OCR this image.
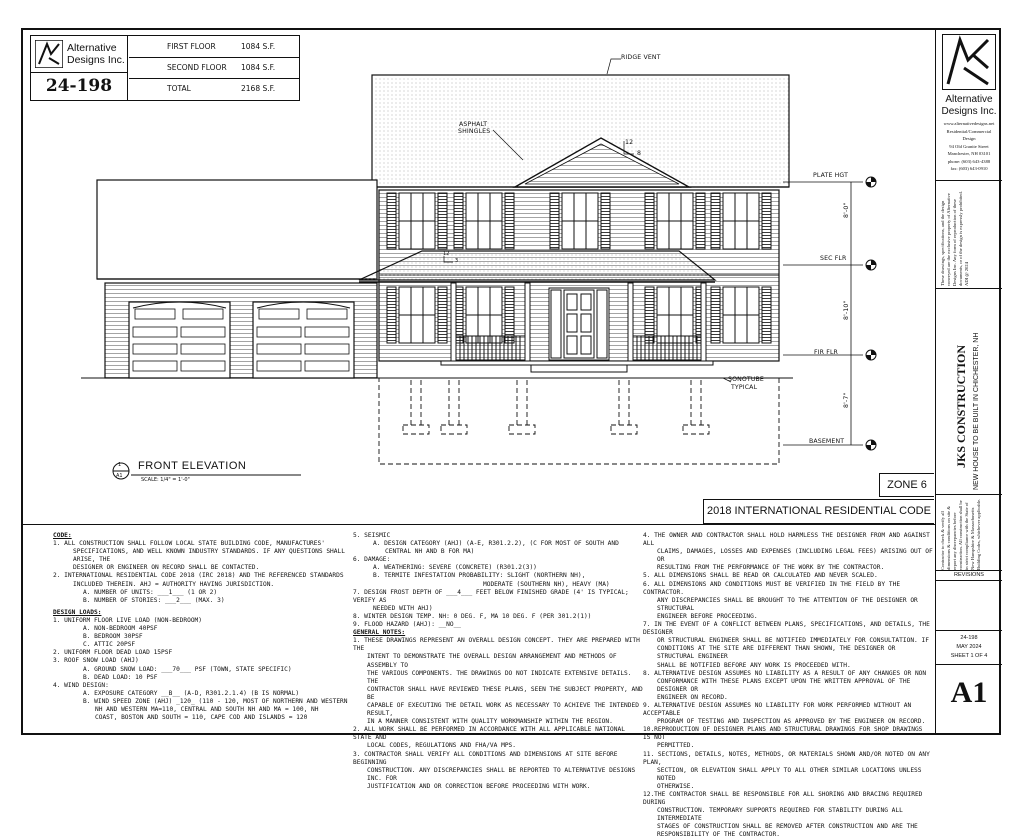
Alternative
Designs Inc.
24-198
FIRST FLOOR	1084 S.F.
SECOND FLOOR 1084 S.F.
TOTAL	2168 S.F.
RIDGE VENT
ASPHALT
SHINGLES
12
8
12
3
PLATE HGT
SEC FLR
FIR FLR
BASEMENT
SONOTUBE
TYPICAL
8'-0"
8'-10"
8'-7"
1
A1
FRONT ELEVATION
SCALE: 1/4" = 1'-0"	ZONE 6
2018 INTERNATIONAL RESIDENTIAL CODE
CODE:
1. ALL CONSTRUCTION SHALL FOLLOW LOCAL STATE BUILDING CODE, MANUFACTURES'
SPECIFICATIONS, AND WELL KNOWN INDUSTRY STANDARDS. IF ANY QUESTIONS SHALL ARISE, THE
DESIGNER OR ENGINEER ON RECORD SHALL BE CONTACTED.
2. INTERNATIONAL RESIDENTIAL CODE 2018 (IRC 2018) AND THE REFERENCED STANDARDS
INCLUDED THEREIN. AHJ = AUTHORITY HAVING JURISDICTION.
A. NUMBER OF UNITS: ___1___ (1 OR 2)
B. NUMBER OF STORIES: ___2___ (MAX. 3)
DESIGN LOADS:
1. UNIFORM FLOOR LIVE LOAD (NON-BEDROOM)
A. NON-BEDROOM 40PSF
B. BEDROOM 30PSF
C. ATTIC 20PSF
2. UNIFORM FLOOR DEAD LOAD 15PSF
3. ROOF SNOW LOAD (AHJ)
A. GROUND SNOW LOAD: ___70___ PSF (TOWN, STATE SPECIFIC)
B. DEAD LOAD: 10 PSF
4. WIND DESIGN:
A. EXPOSURE CATEGORY __B__ (A-D, R301.2.1.4) (B IS NORMAL)
B. WIND SPEED ZONE (AHJ) _120_ (110 - 120, MOST OF NORTHERN AND WESTERN
NH AND WESTERN MA=110, CENTRAL AND SOUTH NH AND MA = 100, NH
COAST, BOSTON AND SOUTH = 110, CAPE COD AND ISLANDS = 120
5. SEISMIC
A. DESIGN CATEGORY (AHJ) (A-E, R301.2.2), (C FOR MOST OF SOUTH AND
CENTRAL NH AND B FOR MA)
6. DAMAGE:
A. WEATHERING: SEVERE (CONCRETE) (R301.2(3))
B. TERMITE INFESTATION PROBABILITY: SLIGHT (NORTHERN NH),
MODERATE (SOUTHERN NH), HEAVY (MA)
7. DESIGN FROST DEPTH OF ___4___ FEET BELOW FINISHED GRADE (4' IS TYPICAL; VERIFY AS
NEEDED WITH AHJ)
8. WINTER DESIGN TEMP. NH: 0 DEG. F, MA 10 DEG. F (PER 301.2(1))
9. FLOOD HAZARD (AHJ): __NO__
GENERAL NOTES:
1. THESE DRAWINGS REPRESENT AN OVERALL DESIGN CONCEPT. THEY ARE PREPARED WITH THE
INTENT TO DEMONSTRATE THE OVERALL DESIGN ARRANGEMENT AND METHODS OF ASSEMBLY TO
THE VARIOUS COMPONENTS. THE DRAWINGS DO NOT INDICATE EXTENSIVE DETAILS. THE
CONTRACTOR SHALL HAVE REVIEWED THESE PLANS, SEEN THE SUBJECT PROPERTY, AND BE
CAPABLE OF EXECUTING THE DETAIL WORK AS NECESSARY TO ACHIEVE THE INTENDED RESULT,
IN A MANNER CONSISTENT WITH QUALITY WORKMANSHIP WITHIN THE REGION.
2. ALL WORK SHALL BE PERFORMED IN ACCORDANCE WITH ALL APPLICABLE NATIONAL STATE AND
LOCAL CODES, REGULATIONS AND FHA/VA MPS.
3. CONTRACTOR SHALL VERIFY ALL CONDITIONS AND DIMENSIONS AT SITE BEFORE BEGINNING
CONSTRUCTION. ANY DISCREPANCIES SHALL BE REPORTED TO ALTERNATIVE DESIGNS INC. FOR
JUSTIFICATION AND OR CORRECTION BEFORE PROCEEDING WITH WORK.
4. THE OWNER AND CONTRACTOR SHALL HOLD HARMLESS THE DESIGNER FROM AND AGAINST ALL
CLAIMS, DAMAGES, LOSSES AND EXPENSES (INCLUDING LEGAL FEES) ARISING OUT OF OR
RESULTING FROM THE PERFORMANCE OF THE WORK BY THE CONTRACTOR.
5. ALL DIMENSIONS SHALL BE READ OR CALCULATED AND NEVER SCALED.
6. ALL DIMENSIONS AND CONDITIONS MUST BE VERIFIED IN THE FIELD BY THE CONTRACTOR.
ANY DISCREPANCIES SHALL BE BROUGHT TO THE ATTENTION OF THE DESIGNER OR STRUCTURAL
ENGINEER BEFORE PROCEEDING.
7. IN THE EVENT OF A CONFLICT BETWEEN PLANS, SPECIFICATIONS, AND DETAILS, THE DESIGNER
OR STRUCTURAL ENGINEER SHALL BE NOTIFIED IMMEDIATELY FOR CONSULTATION. IF
CONDITIONS AT THE SITE ARE DIFFERENT THAN SHOWN, THE DESIGNER OR STRUCTURAL ENGINEER
SHALL BE NOTIFIED BEFORE ANY WORK IS PROCEEDED WITH.
8. ALTERNATIVE DESIGN ASSUMES NO LIABILITY AS A RESULT OF ANY CHANGES OR NON
CONFORMANCE WITH THESE PLANS EXCEPT UPON THE WRITTEN APPROVAL OF THE DESIGNER OR
ENGINEER ON RECORD.
9. ALTERNATIVE DESIGN ASSUMES NO LIABILITY FOR WORK PERFORMED WITHOUT AN ACCEPTABLE
PROGRAM OF TESTING AND INSPECTION AS APPROVED BY THE ENGINEER ON RECORD.
10.REPRODUCTION OF DESIGNER PLANS AND STRUCTURAL DRAWINGS FOR SHOP DRAWINGS IS NOT
PERMITTED.
11. SECTIONS, DETAILS, NOTES, METHODS, OR MATERIALS SHOWN AND/OR NOTED ON ANY PLAN,
SECTION, OR ELEVATION SHALL APPLY TO ALL OTHER SIMILAR LOCATIONS UNLESS NOTED
OTHERWISE.
12.THE CONTRACTOR SHALL BE RESPONSIBLE FOR ALL SHORING AND BRACING REQUIRED DURING
CONSTRUCTION. TEMPORARY SUPPORTS REQUIRED FOR STABILITY DURING ALL INTERMEDIATE
STAGES OF CONSTRUCTION SHALL BE REMOVED AFTER CONSTRUCTION AND ARE THE
RESPONSIBILITY OF THE CONTRACTOR.
Alternative
Designs Inc.
www.alternativedesigns.net
Residential/Commercial
Design
94 Old Granite Street
Manchester, NH 03101
phone: (603) 643-4388
fax: (603) 643-0910
These drawings, specifications, and the design conveyed are the exclusive property of Alternative Designs Inc. Any form of reproduction of these documents, or of the design is expressly prohibited. ADI @ 2024
JKS CONSTRUCTION NEW HOUSE TO BE BUILT IN CHICHESTER, NH
Contractor to check & verify all dimensions & conditions on site & report any discrepancies before construction. All construction shall be in strict compliance with the State of New Hampshire & Massachusetts Building Codes, whichever applicable.
REVISIONS
24-198
MAY 2024
SHEET 1 OF 4
A1
